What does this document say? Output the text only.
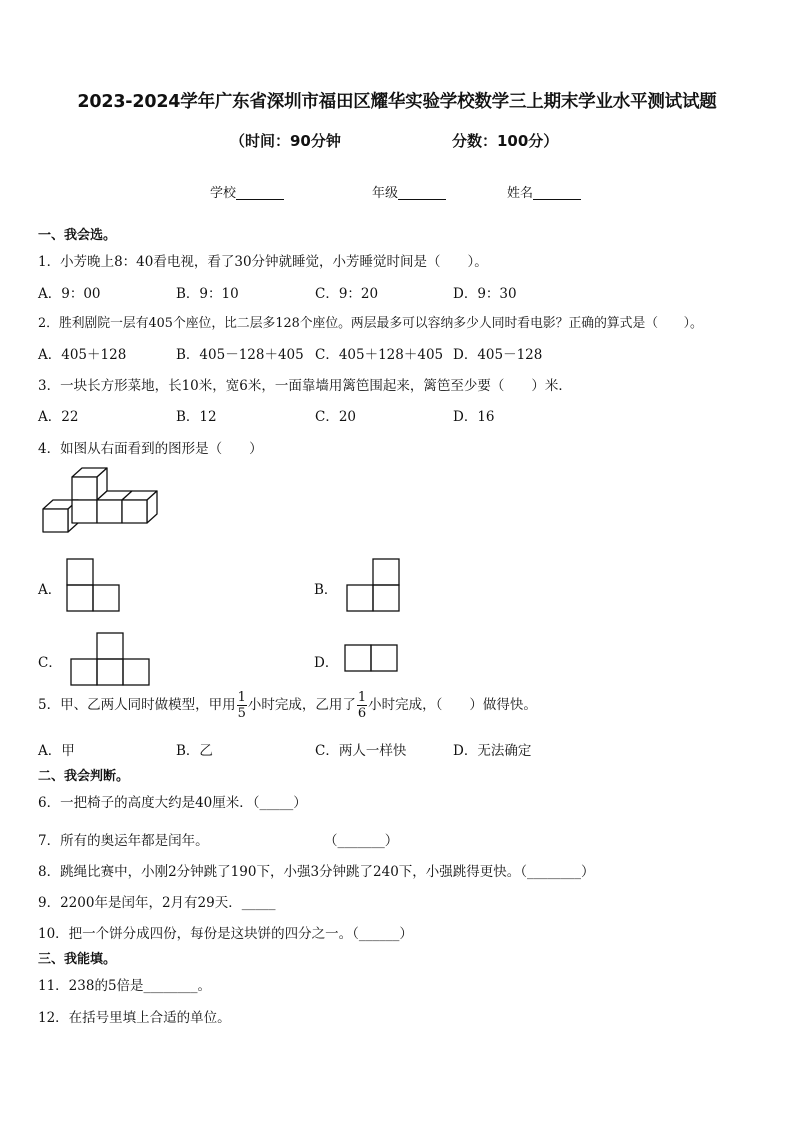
2023-2024学年广东省深圳市福田区耀华实验学校数学三上期末学业水平测试试题
（时间：90分钟	分数：100分）
学校	年级	姓名
一、我会选。
1．小芳晚上8：40看电视，看了30分钟就睡觉，小芳睡觉时间是（　　）。
A．9：00	B．9：10	C．9：20	D．9：30
2．胜利剧院一层有405个座位，比二层多128个座位。两层最多可以容纳多少人同时看电影？正确的算式是（　　）。
A．405＋128	B．405－128＋405 C．405＋128＋405 D．405－128
3．一块长方形菜地，长10米，宽6米，一面靠墙用篱笆围起来，篱笆至少要（　　）米．
A．22	B．12	C．20	D．16
4．如图从右面看到的图形是（　　）
A．	B．
C．	D．
5．甲、乙两人同时做模型，甲用 $\frac{1}{5}$ 小时完成，乙用了 $\frac{1}{6}$ 小时完成，（　　）做得快。
A．甲	B．乙	C．两人一样快	D．无法确定
二、我会判断。
6．一把椅子的高度大约是40厘米．（_____）
7．所有的奥运年都是闰年。	（_______）
8．跳绳比赛中，小刚2分钟跳了190下，小强3分钟跳了240下，小强跳得更快。（________）
9．2200年是闰年，2月有29天．_____
10．把一个饼分成四份，每份是这块饼的四分之一。（______）
三、我能填。
11．238的5倍是________。
12．在括号里填上合适的单位。
